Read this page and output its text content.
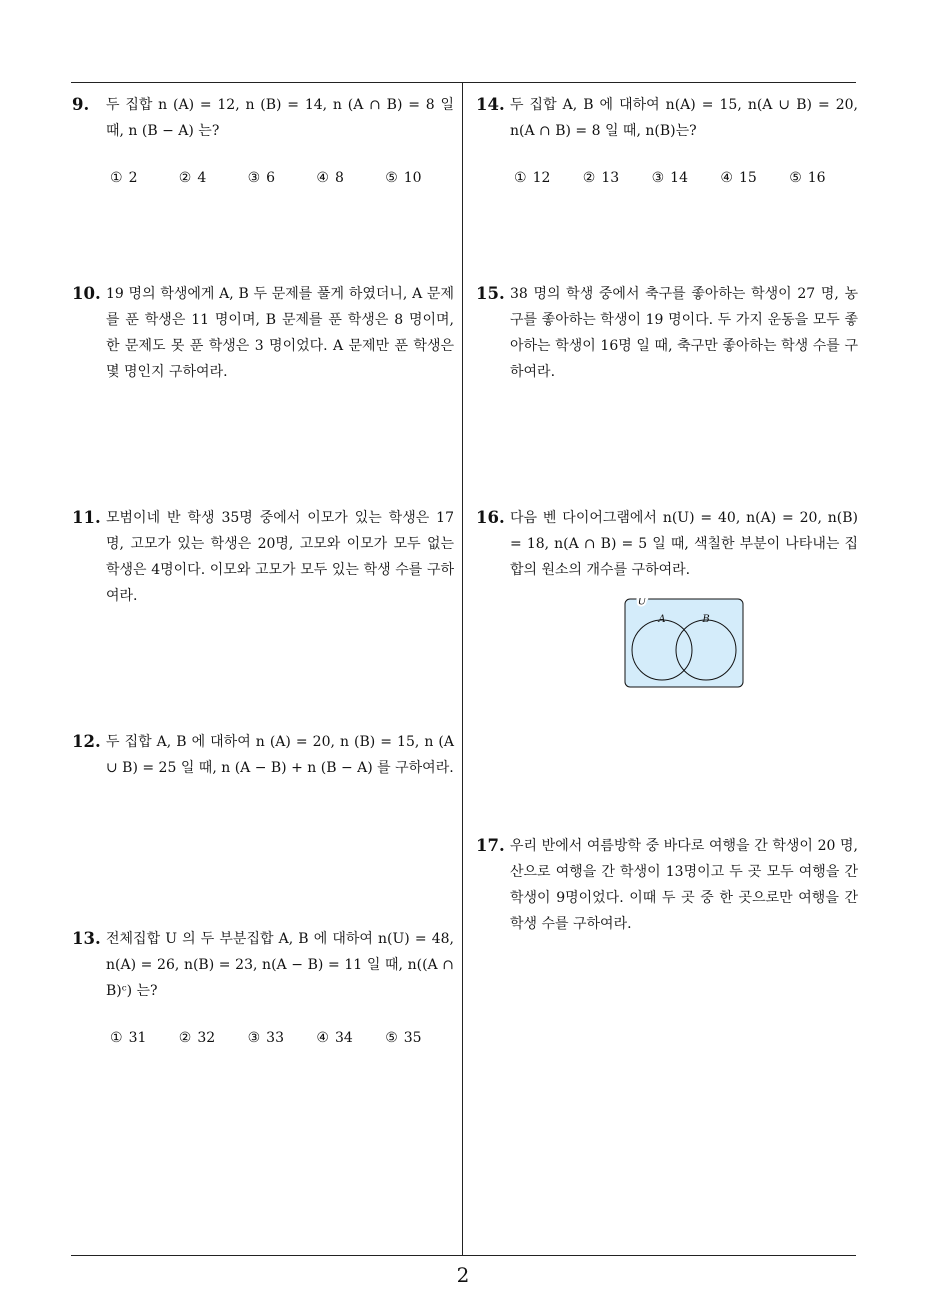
9. 두 집합 n (A) = 12, n (B) = 14, n (A ∩ B) = 8 일 때, n (B − A) 는?
① 2	② 4	③ 6	④ 8	⑤ 10
10. 19 명의 학생에게 A, B 두 문제를 풀게 하였더니, A 문제를 푼 학생은 11 명이며, B 문제를 푼 학생은 8 명이며, 한 문제도 못 푼 학생은 3 명이었다. A 문제만 푼 학생은 몇 명인지 구하여라.
11. 모범이네 반 학생 35명 중에서 이모가 있는 학생은 17 명, 고모가 있는 학생은 20명, 고모와 이모가 모두 없는 학생은 4명이다. 이모와 고모가 모두 있는 학생 수를 구하여라.
12. 두 집합 A, B 에 대하여 n (A) = 20, n (B) = 15, n (A ∪ B) = 25 일 때, n (A − B) + n (B − A) 를 구하여라.
13. 전체집합 U 의 두 부분집합 A, B 에 대하여 n(U) = 48, n(A) = 26, n(B) = 23, n(A − B) = 11 일 때, n((A ∩ B)ᶜ) 는?
① 31	② 32	③ 33	④ 34	⑤ 35
14. 두 집합 A, B 에 대하여 n(A) = 15, n(A ∪ B) = 20, n(A ∩ B) = 8 일 때, n(B)는?
① 12	② 13	③ 14	④ 15	⑤ 16
15. 38 명의 학생 중에서 축구를 좋아하는 학생이 27 명, 농구를 좋아하는 학생이 19 명이다. 두 가지 운동을 모두 좋아하는 학생이 16명 일 때, 축구만 좋아하는 학생 수를 구하여라.
16. 다음 벤 다이어그램에서 n(U) = 40, n(A) = 20, n(B) = 18, n(A ∩ B) = 5 일 때, 색칠한 부분이 나타내는 집합의 원소의 개수를 구하여라.
U
A	B
17. 우리 반에서 여름방학 중 바다로 여행을 간 학생이 20 명, 산으로 여행을 간 학생이 13명이고 두 곳 모두 여행을 간 학생이 9명이었다. 이때 두 곳 중 한 곳으로만 여행을 간 학생 수를 구하여라.
2
